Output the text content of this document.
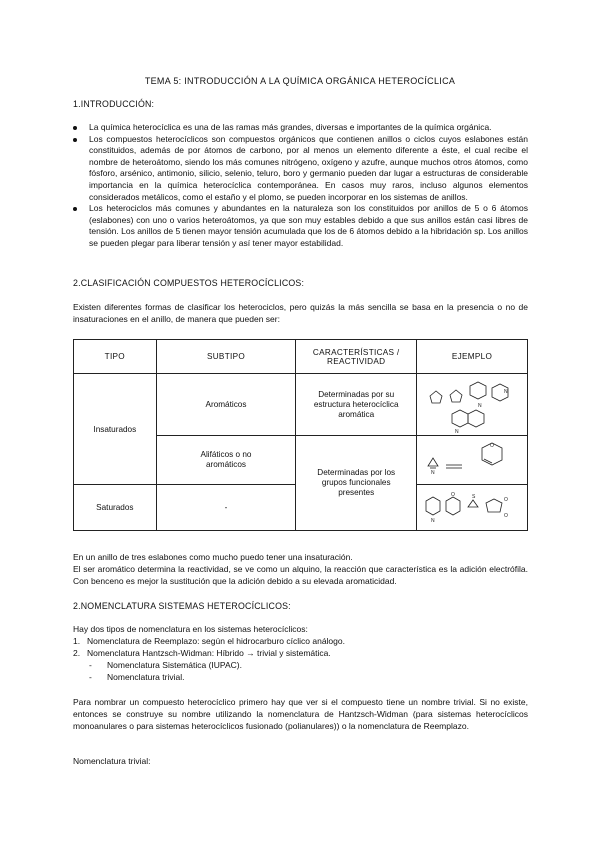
TEMA 5: INTRODUCCIÓN A LA QUÍMICA ORGÁNICA HETEROCÍCLICA
1.INTRODUCCIÓN:
La química heterocíclica es una de las ramas más grandes, diversas e importantes de la química orgánica.
Los compuestos heterocíclicos son compuestos orgánicos que contienen anillos o ciclos cuyos eslabones están constituidos, además de por átomos de carbono, por al menos un elemento diferente a éste, el cual recibe el nombre de heteroátomo, siendo los más comunes nitrógeno, oxígeno y azufre, aunque muchos otros átomos, como fósforo, arsénico, antimonio, silicio, selenio, teluro, boro y germanio pueden dar lugar a estructuras de considerable importancia en la química heterocíclica contemporánea. En casos muy raros, incluso algunos elementos considerados metálicos, como el estaño y el plomo, se pueden incorporar en los sistemas de anillos.
Los heterociclos más comunes y abundantes en la naturaleza son los constituidos por anillos de 5 o 6 átomos (eslabones) con uno o varios heteroátomos, ya que son muy estables debido a que sus anillos están casi libres de tensión. Los anillos de 5 tienen mayor tensión acumulada que los de 6 átomos debido a la hibridación sp. Los anillos se pueden plegar para liberar tensión y así tener mayor estabilidad.
2.CLASIFICACIÓN COMPUESTOS HETEROCÍCLICOS:

Existen diferentes formas de clasificar los heterociclos, pero quizás la más sencilla se basa en la presencia o no de insaturaciones en el anillo, de manera que pueden ser:

TIPO	SUBTIPO	CARACTERÍSTICAS / REACTIVIDAD	EJEMPLO
Insaturados	Aromáticos	Determinadas por su estructura heterocíclica aromática	N
N
N

	Alifáticos o no aromáticos	Determinadas por los grupos funcionales presentes	N
O

Saturados	-		N
O S O
O

En un anillo de tres eslabones como mucho puedo tener una insaturación.

El ser aromático determina la reactividad, se ve como un alquino, la reacción que característica es la adición electrófila. Con benceno es mejor la sustitución que la adición debido a su elevada aromaticidad.

2.NOMENCLATURA SISTEMAS HETEROCÍCLICOS:

Hay dos tipos de nomenclatura en los sistemas heterocíclicos:

1. Nomenclatura de Reemplazo: según el hidrocarburo cíclico análogo.
2. Nomenclatura Hantzsch-Widman: Híbrido → trivial y sistemática.
- Nomenclatura Sistemática (IUPAC).
- Nomenclatura trivial.

Para nombrar un compuesto heterocíclico primero hay que ver si el compuesto tiene un nombre trivial. Si no existe, entonces se construye su nombre utilizando la nomenclatura de Hantzsch-Widman (para sistemas heterocíclicos monoanulares o para sistemas heterocíclicos fusionado (polianulares)) o la nomenclatura de Reemplazo.

Nomenclatura trivial:
